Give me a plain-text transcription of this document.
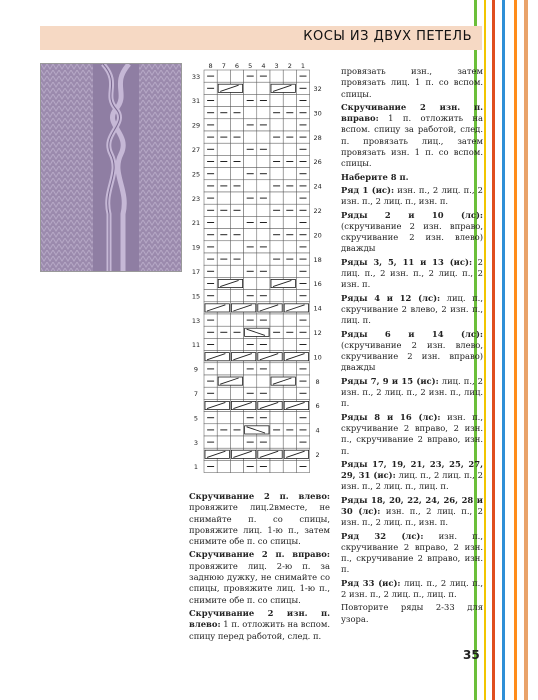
КОСЫ ИЗ ДВУХ ПЕТЕЛЬ
8 7 6 5 4 3 2 1
33
32
31
30
29
28
27
26
25
24
23
22
21
20
19
18
17
16
15
14
13
12
11
10
9
8
7
6
5
4
3
2
1

Скручивание 2 п. влево: провяжите лиц.2вместе, не снимайте п. со спицы, провяжите лиц. 1-ю п., затем снимите обе п. со спицы.

Скручивание 2 п. вправо: провяжите лиц. 2-ю п. за заднюю дужку, не снимайте со спицы, провяжите лиц. 1-ю п., снимите обе п. со спицы.

Скручивание 2 изн. п. влево: 1 п. отложить на вспом. спицу перед работой, след. п.

провязать изн., затем провязать лиц. 1 п. со вспом. спицы.

Скручивание 2 изн. п. вправо: 1 п. отложить на вспом. спицу за работой, след. п. провязать лиц., затем провязать изн. 1 п. со вспом. спицы.

Наберите 8 п.

Ряд 1 (ис): изн. п., 2 лиц. п., 2 изн. п., 2 лиц. п., изн. п.

Ряды 2 и 10 (лс): (скручивание 2 изн. вправо, скручивание 2 изн. влево) дважды

Ряды 3, 5, 11 и 13 (ис): 2 лиц. п., 2 изн. п., 2 лиц. п., 2 изн. п.

Ряды 4 и 12 (лс): лиц. п., скручивание 2 влево, 2 изн. п., лиц. п.

Ряды 6 и 14 (лс): (скручивание 2 изн. влево, скручивание 2 изн. вправо) дважды

Ряды 7, 9 и 15 (ис): лиц. п., 2 изн. п., 2 лиц. п., 2 изн. п., лиц. п.

Ряды 8 и 16 (лс): изн. п., скручивание 2 вправо, 2 изн. п., скручивание 2 вправо, изн. п.

Ряды 17, 19, 21, 23, 25, 27, 29, 31 (ис): лиц. п., 2 лиц. п., 2 изн. п., 2 лиц. п., лиц. п.

Ряды 18, 20, 22, 24, 26, 28 и 30 (лс): изн. п., 2 лиц. п., 2 изн. п., 2 лиц. п., изн. п.

Ряд 32 (лс): изн. п., скручивание 2 вправо, 2 изн. п., скручивание 2 вправо, изн. п.

Ряд 33 (ис): лиц. п., 2 лиц. п., 2 изн. п., 2 лиц. п., лиц. п.

Повторите ряды 2-33 для узора.

35
